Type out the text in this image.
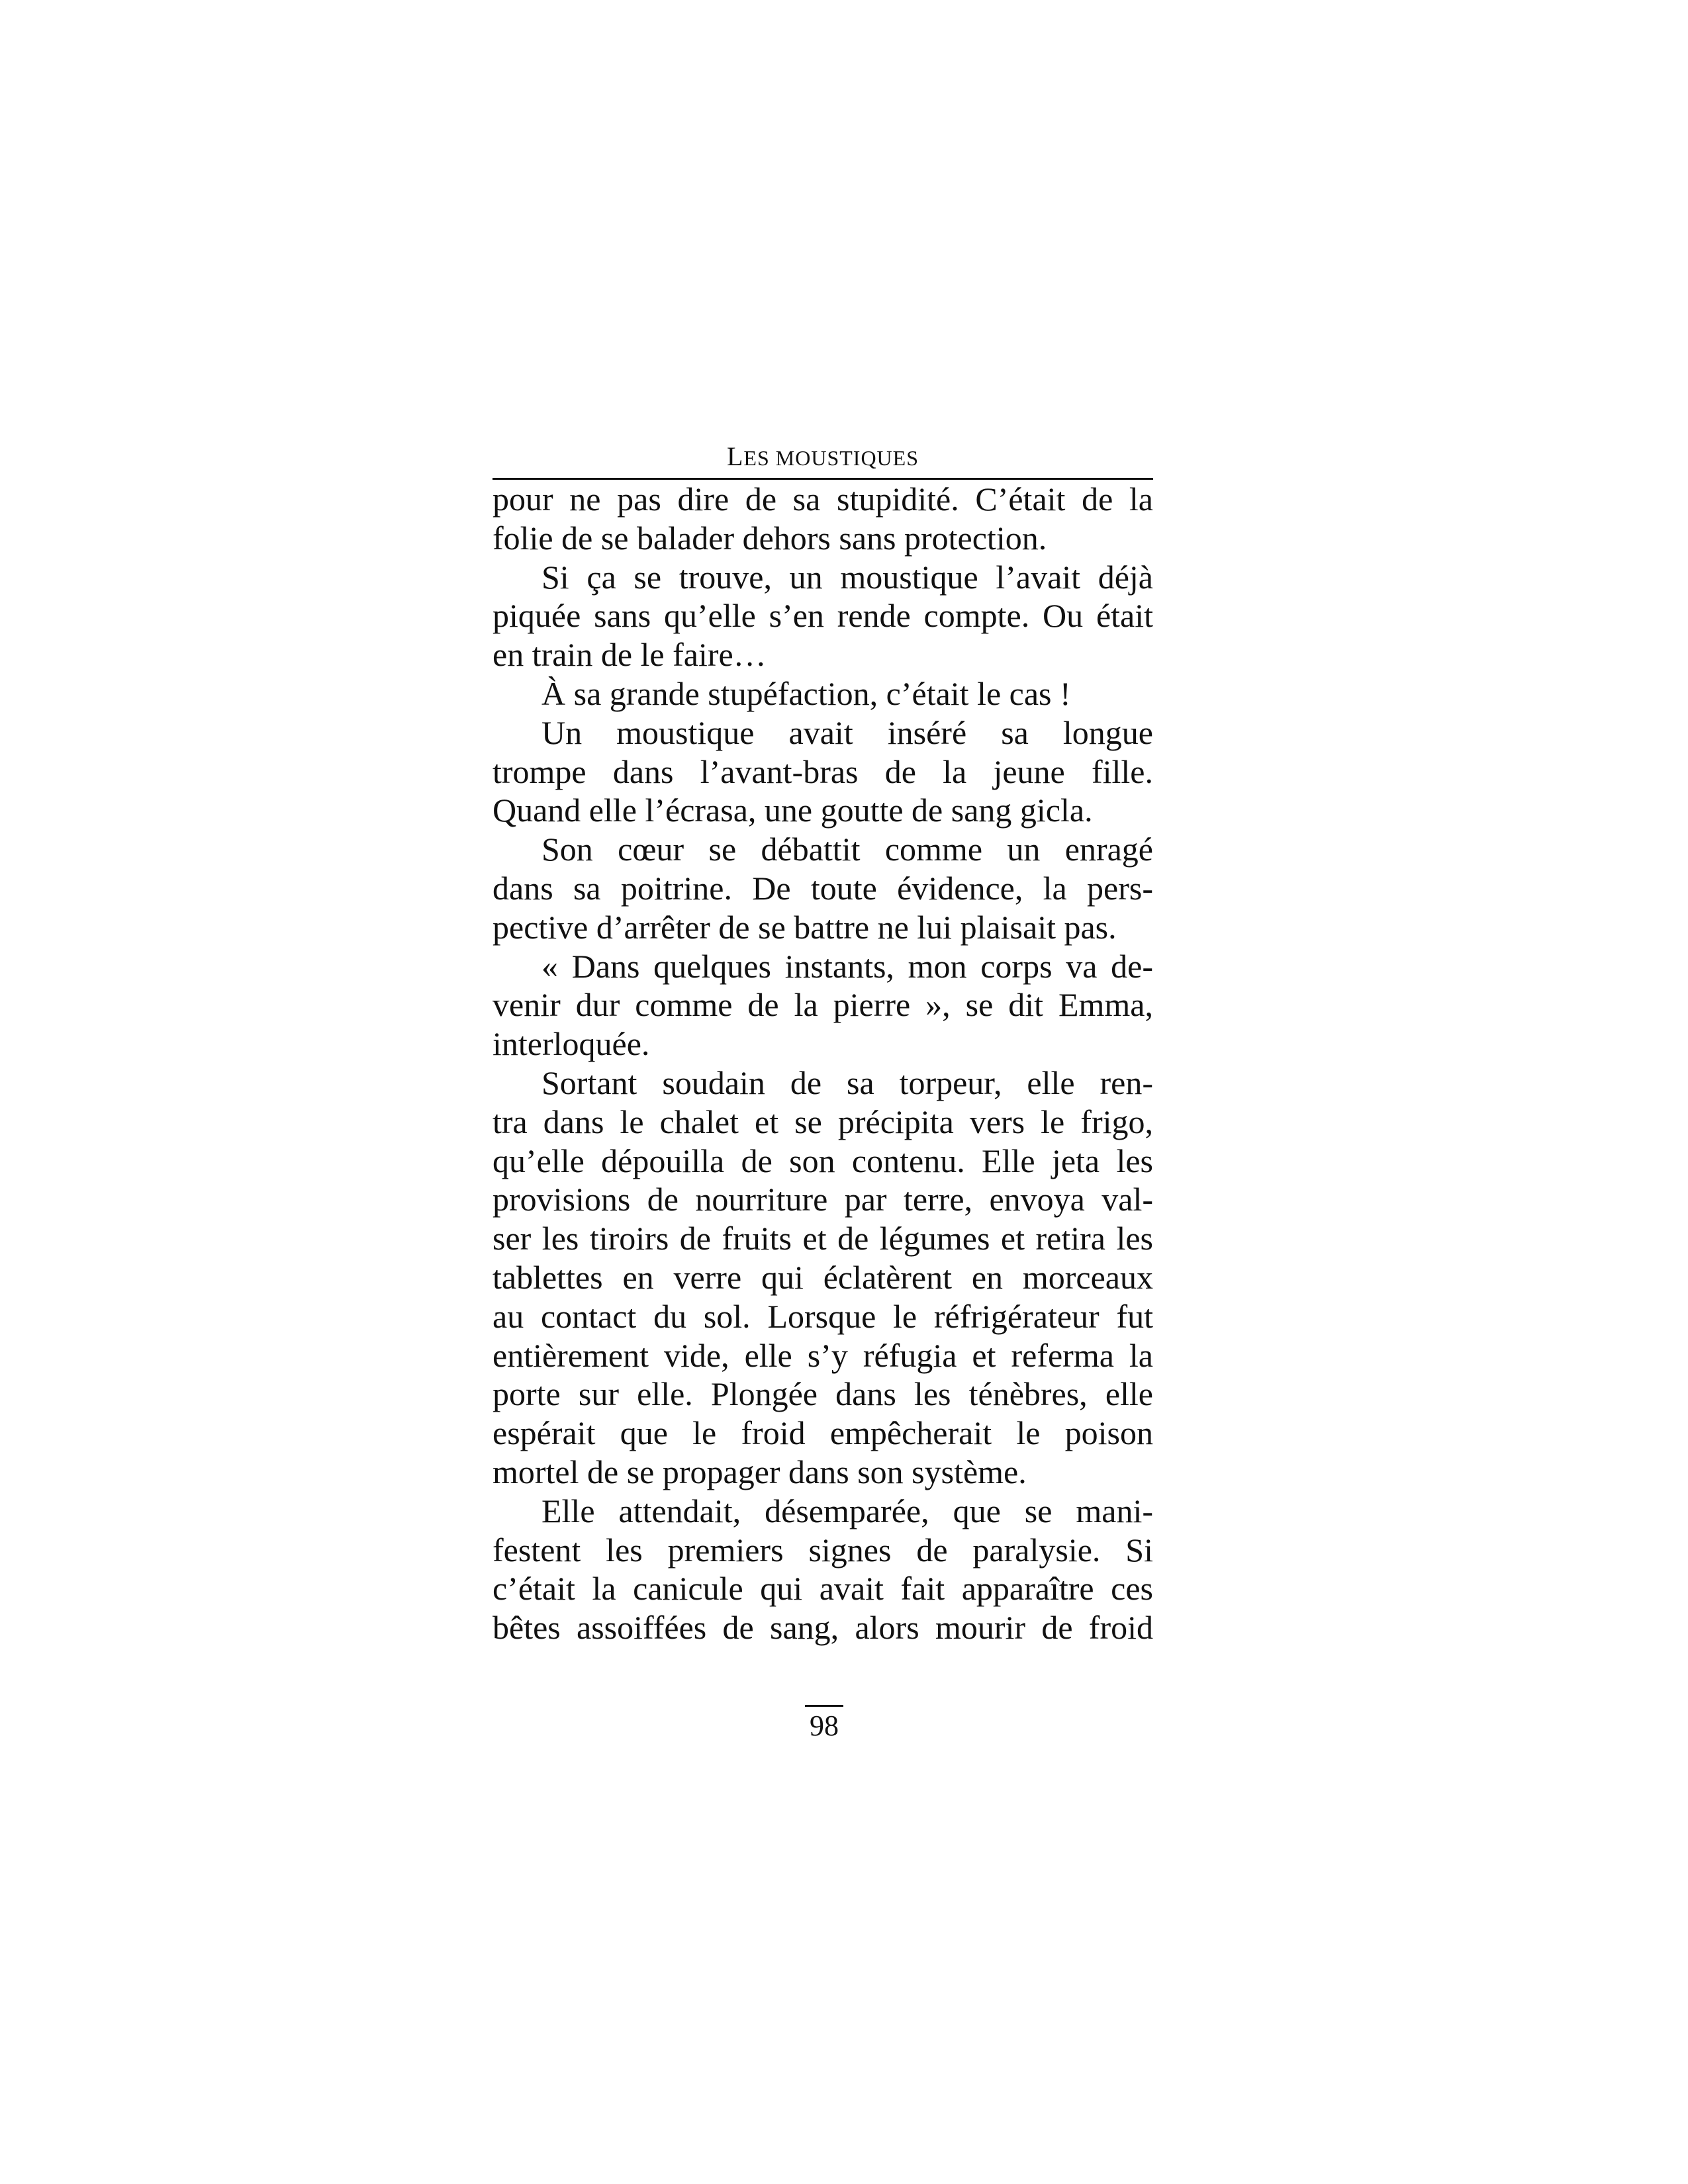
LES MOUSTIQUES
pour ne pas dire de sa stupidité. C’était de la
folie de se balader dehors sans protection.
Si ça se trouve, un moustique l’avait déjà
piquée sans qu’elle s’en rende compte. Ou était
en train de le faire…
À sa grande stupéfaction, c’était le cas !
Un moustique avait inséré sa longue
trompe dans l’avant-bras de la jeune fille.
Quand elle l’écrasa, une goutte de sang gicla.
Son cœur se débattit comme un enragé
dans sa poitrine. De toute évidence, la pers-
pective d’arrêter de se battre ne lui plaisait pas.
« Dans quelques instants, mon corps va de-
venir dur comme de la pierre », se dit Emma,
interloquée.
Sortant soudain de sa torpeur, elle ren-
tra dans le chalet et se précipita vers le frigo,
qu’elle dépouilla de son contenu. Elle jeta les
provisions de nourriture par terre, envoya val-
ser les tiroirs de fruits et de légumes et retira les
tablettes en verre qui éclatèrent en morceaux
au contact du sol. Lorsque le réfrigérateur fut
entièrement vide, elle s’y réfugia et referma la
porte sur elle. Plongée dans les ténèbres, elle
espérait que le froid empêcherait le poison
mortel de se propager dans son système.
Elle attendait, désemparée, que se mani-
festent les premiers signes de paralysie. Si
c’était la canicule qui avait fait apparaître ces
bêtes assoiffées de sang, alors mourir de froid
98
